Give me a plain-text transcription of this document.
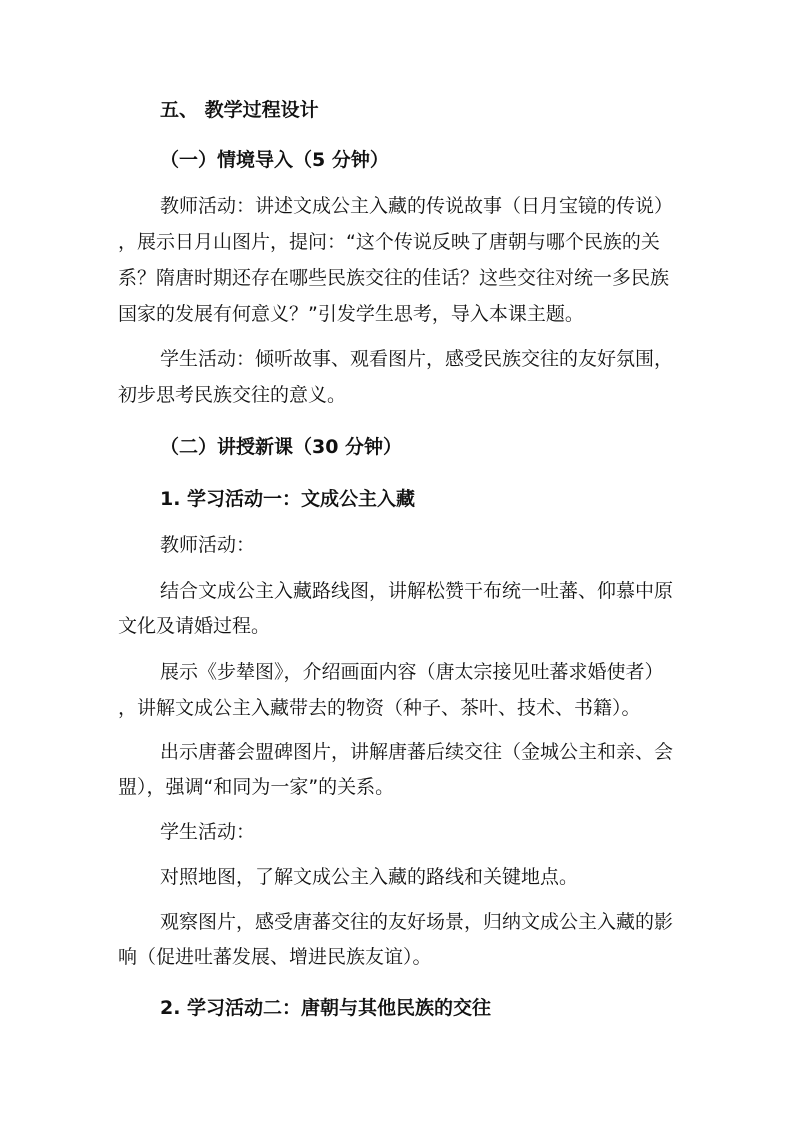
五、 教学过程设计
（一）情境导入（5 分钟）
教师活动：讲述文成公主入藏的传说故事（日月宝镜的传说）
，展示日月山图片，提问：“这个传说反映了唐朝与哪个民族的关
系？隋唐时期还存在哪些民族交往的佳话？这些交往对统一多民族
国家的发展有何意义？”引发学生思考，导入本课主题。
学生活动：倾听故事、观看图片，感受民族交往的友好氛围，
初步思考民族交往的意义。
（二）讲授新课（30 分钟）
1. 学习活动一：文成公主入藏
教师活动：
结合文成公主入藏路线图，讲解松赞干布统一吐蕃、仰慕中原
文化及请婚过程。
展示《步辇图》，介绍画面内容（唐太宗接见吐蕃求婚使者）
，讲解文成公主入藏带去的物资（种子、茶叶、技术、书籍）。
出示唐蕃会盟碑图片，讲解唐蕃后续交往（金城公主和亲、会
盟），强调“和同为一家”的关系。
学生活动：
对照地图，了解文成公主入藏的路线和关键地点。
观察图片，感受唐蕃交往的友好场景，归纳文成公主入藏的影
响（促进吐蕃发展、增进民族友谊）。
2. 学习活动二：唐朝与其他民族的交往
